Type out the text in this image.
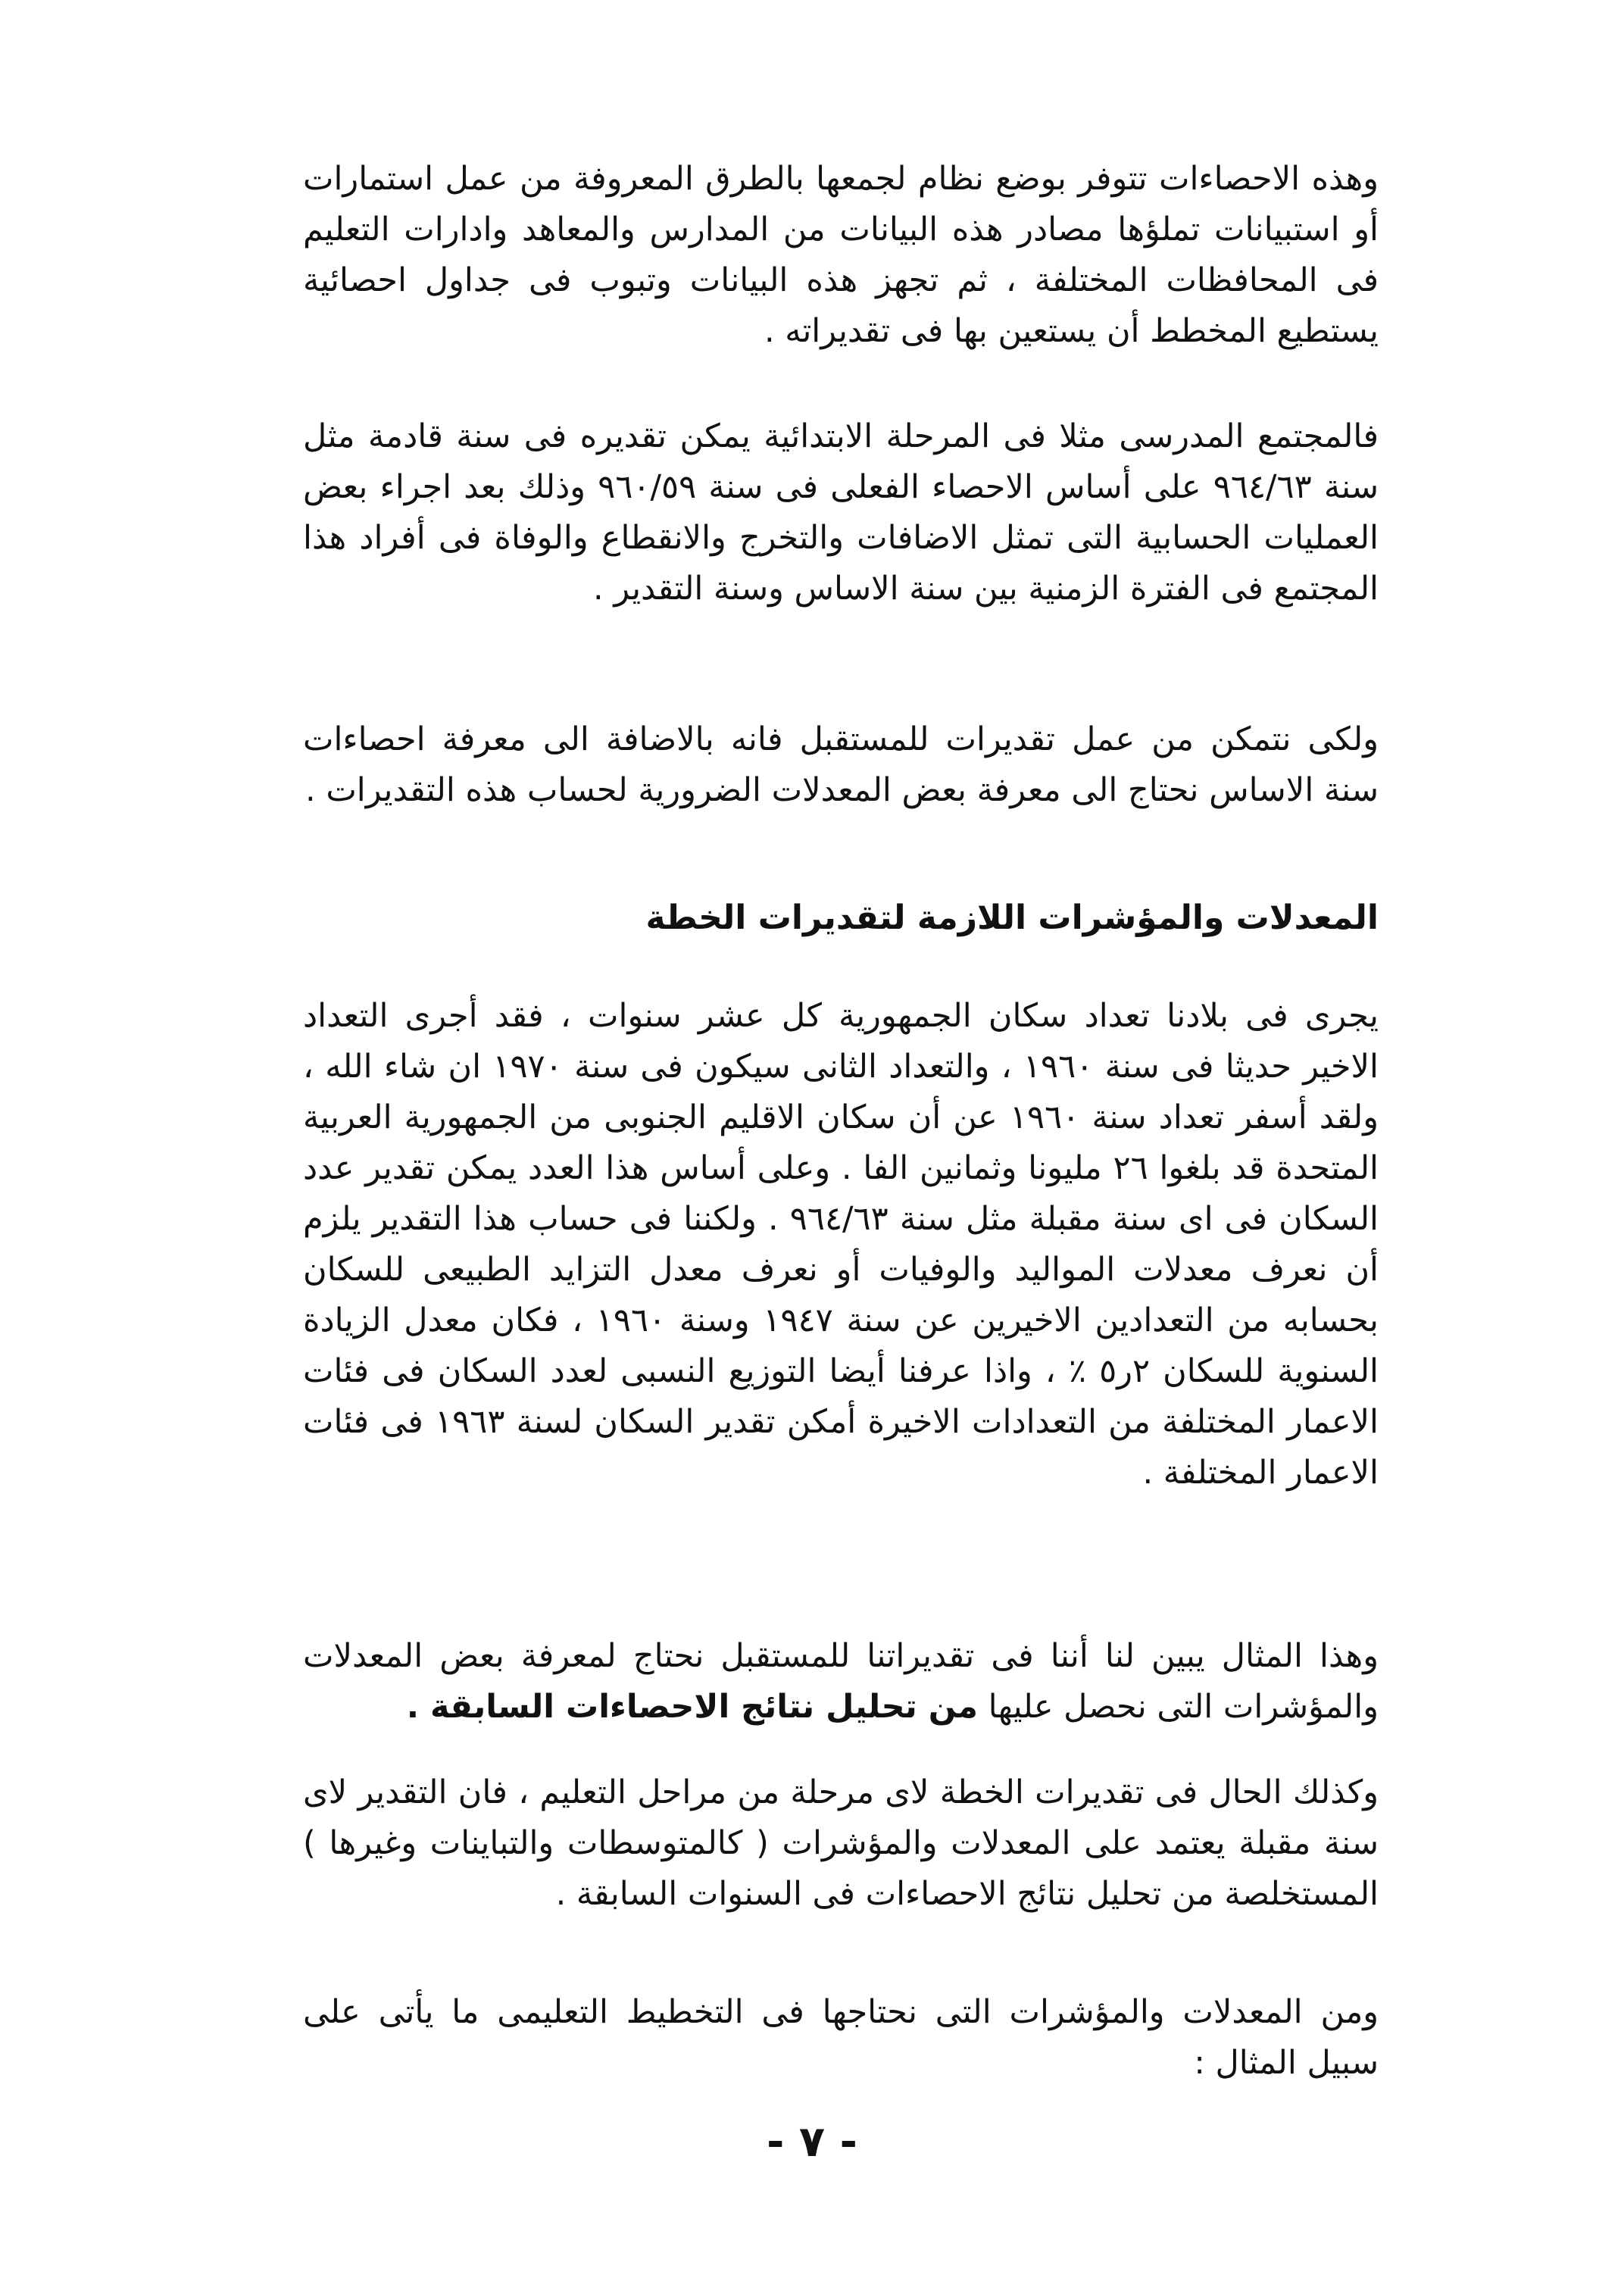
وهذه الاحصاءات تتوفر بوضع نظام لجمعها بالطرق المعروفة من عمل استمارات أو استبيانات تملؤها مصادر هذه البيانات من المدارس والمعاهد وادارات التعليم فى المحافظات المختلفة ، ثم تجهز هذه البيانات وتبوب فى جداول احصائية يستطيع المخطط أن يستعين بها فى تقديراته .

فالمجتمع المدرسى مثلا فى المرحلة الابتدائية يمكن تقديره فى سنة قادمة مثل سنة ٩٦٤/٦٣ على أساس الاحصاء الفعلى فى سنة ٩٦٠/٥٩ وذلك بعد اجراء بعض العمليات الحسابية التى تمثل الاضافات والتخرج والانقطاع والوفاة فى أفراد هذا المجتمع فى الفترة الزمنية بين سنة الاساس وسنة التقدير .

ولكى نتمكن من عمل تقديرات للمستقبل فانه بالاضافة الى معرفة احصاءات سنة الاساس نحتاج الى معرفة بعض المعدلات الضرورية لحساب هذه التقديرات .

المعدلات والمؤشرات اللازمة لتقديرات الخطة

يجرى فى بلادنا تعداد سكان الجمهورية كل عشر سنوات ، فقد أجرى التعداد الاخير حديثا فى سنة ١٩٦٠ ، والتعداد الثانى سيكون فى سنة ١٩٧٠ ان شاء الله ، ولقد أسفر تعداد سنة ١٩٦٠ عن أن سكان الاقليم الجنوبى من الجمهورية العربية المتحدة قد بلغوا ٢٦ مليونا وثمانين الفا . وعلى أساس هذا العدد يمكن تقدير عدد السكان فى اى سنة مقبلة مثل سنة ٩٦٤/٦٣ . ولكننا فى حساب هذا التقدير يلزم أن نعرف معدلات المواليد والوفيات أو نعرف معدل التزايد الطبيعى للسكان بحسابه من التعدادين الاخيرين عن سنة ١٩٤٧ وسنة ١٩٦٠ ، فكان معدل الزيادة السنوية للسكان ٢ر٥ ٪ ، واذا عرفنا أيضا التوزيع النسبى لعدد السكان فى فئات الاعمار المختلفة من التعدادات الاخيرة أمكن تقدير السكان لسنة ١٩٦٣ فى فئات الاعمار المختلفة .

وهذا المثال يبين لنا أننا فى تقديراتنا للمستقبل نحتاج لمعرفة بعض المعدلات والمؤشرات التى نحصل عليها من تحليل نتائج الاحصاءات السابقة .

وكذلك الحال فى تقديرات الخطة لاى مرحلة من مراحل التعليم ، فان التقدير لاى سنة مقبلة يعتمد على المعدلات والمؤشرات ( كالمتوسطات والتباينات وغيرها ) المستخلصة من تحليل نتائج الاحصاءات فى السنوات السابقة .

ومن المعدلات والمؤشرات التى نحتاجها فى التخطيط التعليمى ما يأتى على سبيل المثال :

- ٧ -
